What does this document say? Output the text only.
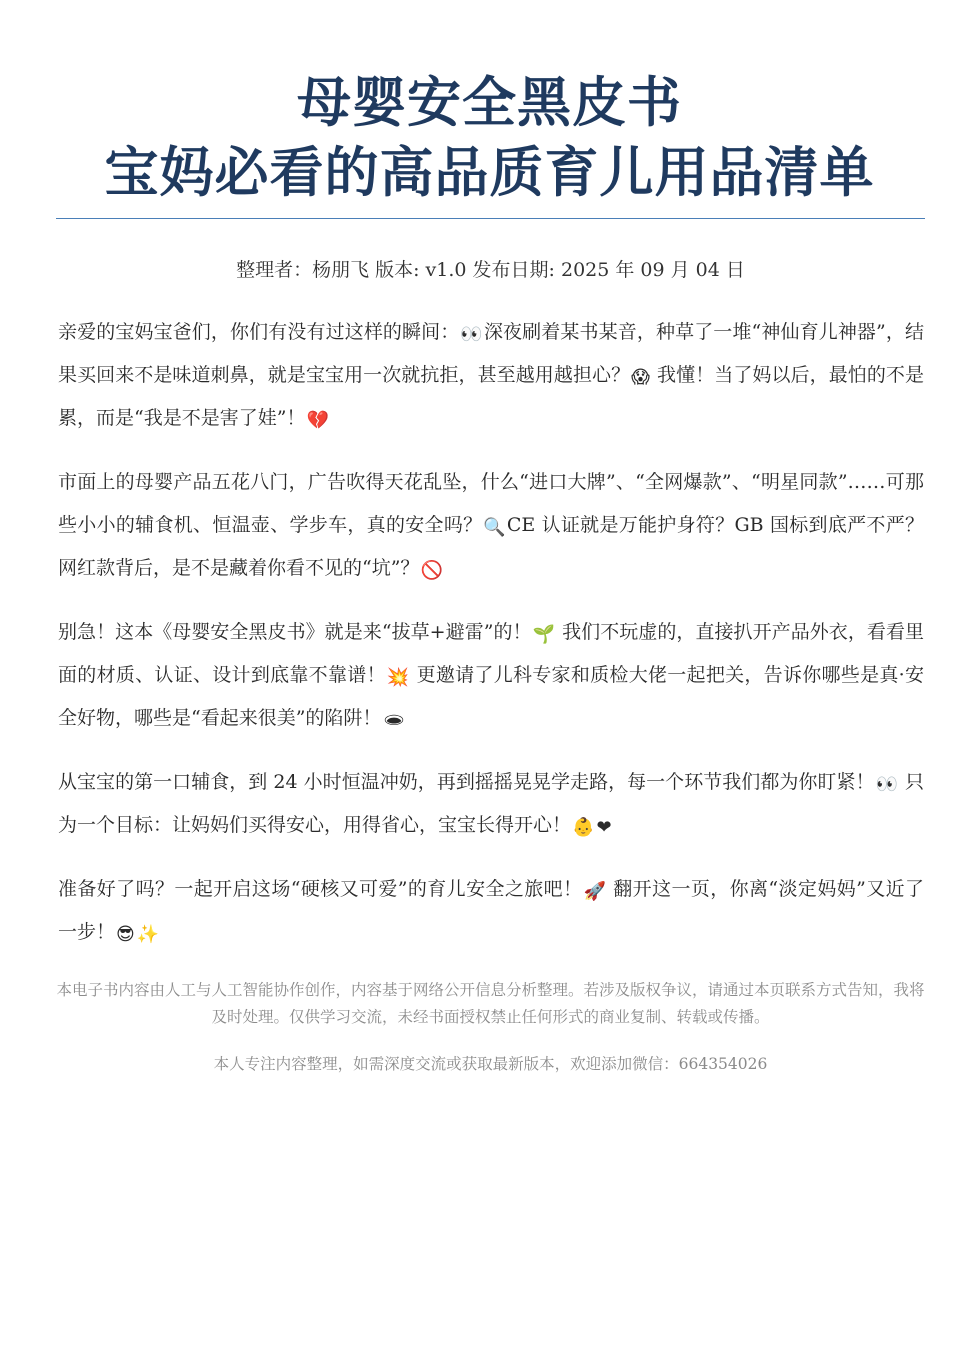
母婴安全黑皮书
宝妈必看的高品质育儿用品清单
整理者：杨朋飞 版本: v1.0 发布日期: 2025 年 09 月 04 日

亲爱的宝妈宝爸们，你们有没有过这样的瞬间：👀深夜刷着某书某音，种草了一堆“神仙育儿神器”，结果买回来不是味道刺鼻，就是宝宝用一次就抗拒，甚至越用越担心？😱 我懂！当了妈以后，最怕的不是累，而是“我是不是害了娃”！💔

市面上的母婴产品五花八门，广告吹得天花乱坠，什么“进口大牌”、“全网爆款”、“明星同款”……可那些小小的辅食机、恒温壶、学步车，真的安全吗？🔍CE 认证就是万能护身符？GB 国标到底严不严？网红款背后，是不是藏着你看不见的“坑”？🚫

别急！这本《母婴安全黑皮书》就是来“拔草+避雷”的！🌱 我们不玩虚的，直接扒开产品外衣，看看里面的材质、认证、设计到底靠不靠谱！💥 更邀请了儿科专家和质检大佬一起把关，告诉你哪些是真·安全好物，哪些是“看起来很美”的陷阱！🕳

从宝宝的第一口辅食，到 24 小时恒温冲奶，再到摇摇晃晃学走路，每一个环节我们都为你盯紧！👀 只为一个目标：让妈妈们买得安心，用得省心，宝宝长得开心！👶 ❤

准备好了吗？一起开启这场“硬核又可爱”的育儿安全之旅吧！🚀 翻开这一页，你离“淡定妈妈”又近了一步！😎 ✨

本电子书内容由人工与人工智能协作创作，内容基于网络公开信息分析整理。若涉及版权争议，请通过本页联系方式告知，我将及时处理。仅供学习交流，未经书面授权禁止任何形式的商业复制、转载或传播。
本人专注内容整理，如需深度交流或获取最新版本，欢迎添加微信：664354026
